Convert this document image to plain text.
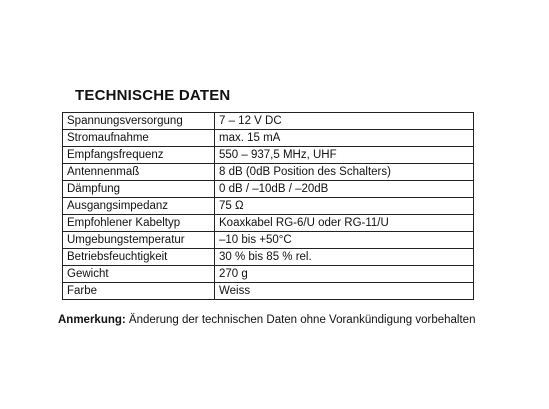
TECHNISCHE DATEN
Spannungsversorgung	7 – 12 V DC
Stromaufnahme	max. 15 mA
Empfangsfrequenz	550 – 937,5 MHz, UHF
Antennenmaß	8 dB (0dB Position des Schalters)
Dämpfung	0 dB / –10dB / –20dB
Ausgangsimpedanz	75 Ω
Empfohlener Kabeltyp	Koaxkabel RG-6/U oder RG-11/U
Umgebungstemperatur	–10 bis +50°C
Betriebsfeuchtigkeit	30 % bis 85 % rel.
Gewicht	270 g
Farbe	Weiss
Anmerkung: Änderung der technischen Daten ohne Vorankündigung vorbehalten
